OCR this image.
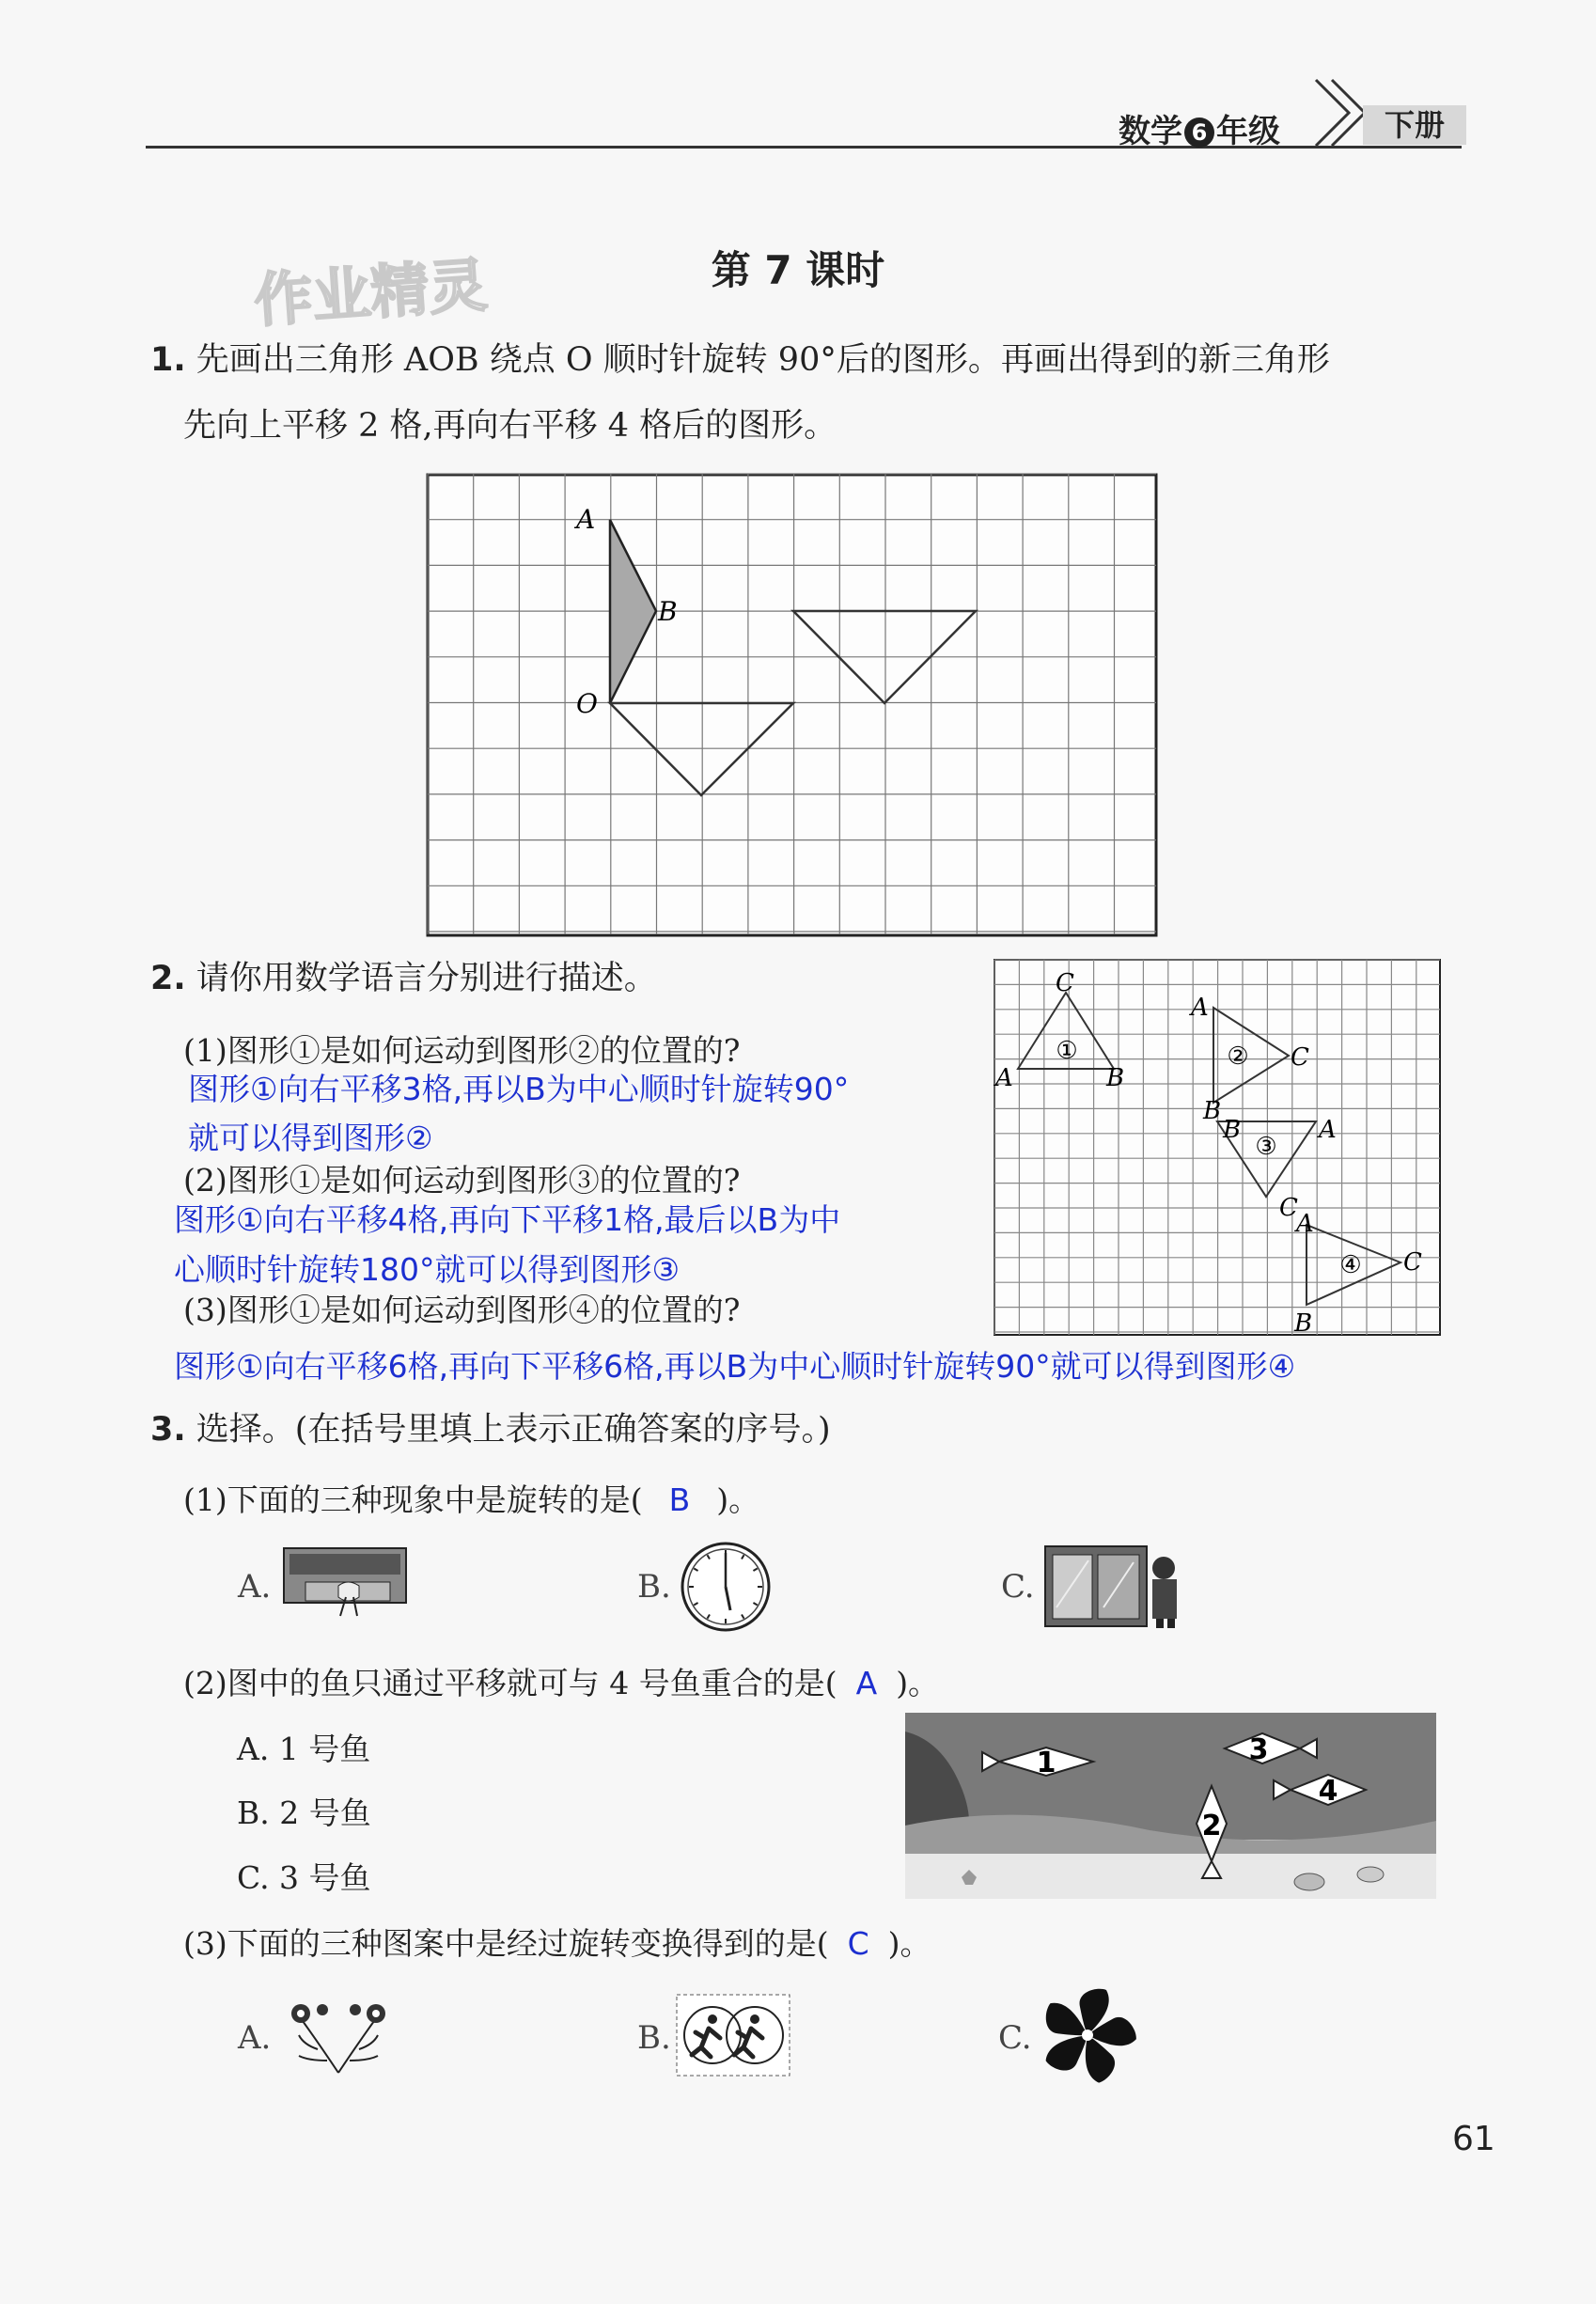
数学 6 年级	下册
作业精灵	第 7 课时
1. 先画出三角形 AOB 绕点 O 顺时针旋转 90°后的图形。再画出得到的新三角形
先向上平移 2 格,再向右平移 4 格后的图形。
A
B
O
2. 请你用数学语言分别进行描述。
(1)图形①是如何运动到图形②的位置的?
图形①向右平移3格,再以B为中心顺时针旋转90°
就可以得到图形②
(2)图形①是如何运动到图形③的位置的?
图形①向右平移4格,再向下平移1格,最后以B为中
心顺时针旋转180°就可以得到图形③
(3)图形①是如何运动到图形④的位置的?
图形①向右平移6格,再向下平移6格,再以B为中心顺时针旋转90°就可以得到图形④
C
A	B
A
C
B
B	A
C
A
C
B
①	②
③
④
3. 选择。(在括号里填上表示正确答案的序号。)
(1)下面的三种现象中是旋转的是( B )。
A.	B.	C.
(2)图中的鱼只通过平移就可与 4 号鱼重合的是( A )。
A. 1 号鱼
B. 2 号鱼
C. 3 号鱼
1	3
4
2
(3)下面的三种图案中是经过旋转变换得到的是( C )。
A.	B.	C.
61
